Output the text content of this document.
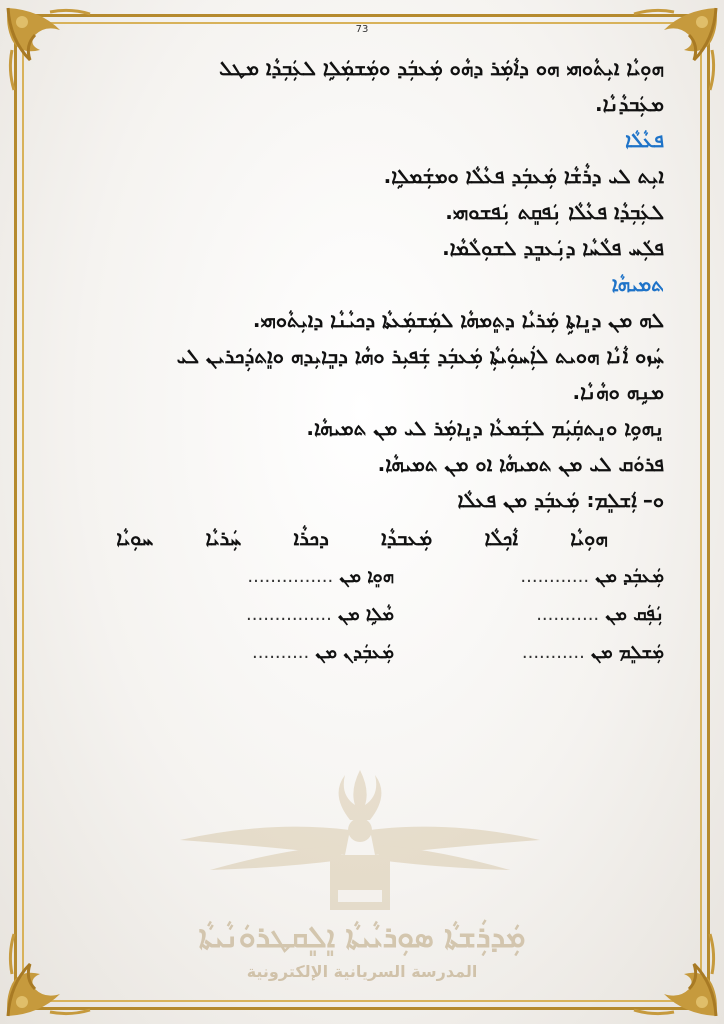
73
ܗܘܼܝܵܐ ܐܝܼܬܵܘܗܝ ܗܘ ܕܐܵܡܲܪ ܕܗܵܘ ܡܲܥܒܲܕ ܘܡܲܫܡܲܠܹܐ ܠܥܲܒܼܕܵܐ ܡܛܠ
ܡܥܲܒܕܵܢܵܐ.
ܦܥܵܠܵܐ
ܐܝܼܬ ܠܝ ܕܪܵܫܵܐ ܡܲܥܒܲܕ ܦܥܵܠܵܐ ܘܡܫܲܡܠܹܐ.
ܠܥܲܒܼܕܵܐ ܦܥܵܠܵܐ ܢܲܦܩܸܬ ܢܲܦܫܘܗܝ.
ܦܠܲܚ ܦܠܵܚܵܐ ܕܢܲܥܒܸܕ ܠܫܘܼܠܵܡܵܐ.
ܬܡܝܗܵܐ
ܠܗ ܡܢ ܕܢܸܐܬܹܐ ܡܲܪܝܵܐ ܕܬܸܡܗܵܐ ܠܡܲܫܡܲܥܬܵܐ ܕܟܝܵܢܵܐ ܕܐܝܼܬܵܘܗܝ.
ܚܲܙܘ ܐܵܢܵܐ ܗܘܝܬ ܠܐܲܚܘܲܝܬܼܵܐ ܡܲܥܒܲܕ ܫܲܦܝܼܪ ܘܗܵܐ ܕܒܸܐܝܼܕܗ ܘܐܸܬܕܲܟܪܝܢ ܠܝ
ܡܢܹܗ ܘܗܵܢܵܐ.
ܢܸܗܘܹܐ ܘܢܸܬܩܲܝܲܡ ܠܫܲܡܥܵܐ ܕܢܸܐܡܲܪ ܠܝ ܡܢ ܬܡܝܗܵܐ.
ܦܪܘܿܩ ܠܝ ܡܢ ܬܡܝܗܵܐ ܐܘ ܡܢ ܬܡܝܗܵܐ.
ܘ–
ܐܲܫܠܸܡ: ܡܲܥܒܲܕ ܡܢ ܦܥܠܵܐ
ܗܘܼܝܵܐ
ܐܵܟܼܠܵܐ
ܡܲܥܒܕܵܐ
ܕܟܪܵܐ
ܚܲܪܝܵܐ
ܚܘܼܝܵܐ
ܡܲܥܒܲܕ ܡܢ ............
ܗܘܸܐ ܡܢ ...............
ܢܲܦܲܩ ܡܢ ...........
ܡܵܠܹܐ ܡܢ ...............
ܡܲܫܠܸܡ ܡܢ ...........
ܡܲܥܒܲܕܢ ܡܢ ..........
ܡܲܕܪܲܫܬܵܐ ܣܘܼܪܝܵܝܬܵܐ ܐܸܠܸܩܛܪܘܿܢܵܝܬܵܐ
المدرسة السريانية الإلكترونية
